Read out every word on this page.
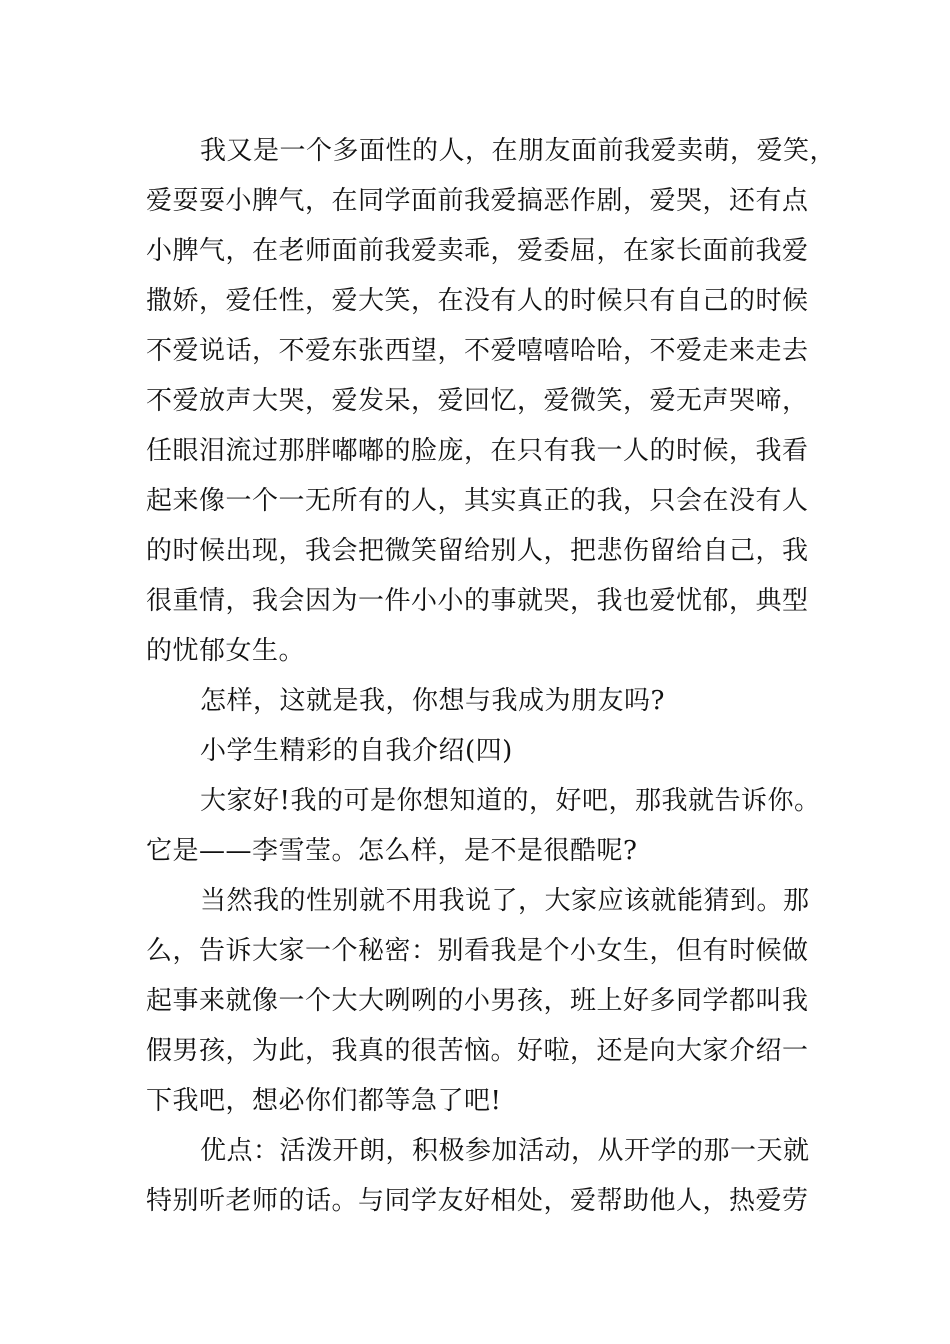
我又是一个多面性的人，在朋友面前我爱卖萌，爱笑，
爱耍耍小脾气，在同学面前我爱搞恶作剧，爱哭，还有点
小脾气，在老师面前我爱卖乖，爱委屈，在家长面前我爱
撒娇，爱任性，爱大笑，在没有人的时候只有自己的时候
不爱说话，不爱东张西望，不爱嘻嘻哈哈，不爱走来走去
不爱放声大哭，爱发呆，爱回忆，爱微笑，爱无声哭啼，
任眼泪流过那胖嘟嘟的脸庞，在只有我一人的时候，我看
起来像一个一无所有的人，其实真正的我，只会在没有人
的时候出现，我会把微笑留给别人，把悲伤留给自己，我
很重情，我会因为一件小小的事就哭，我也爱忧郁，典型
的忧郁女生。
怎样，这就是我，你想与我成为朋友吗?
小学生精彩的自我介绍(四)
大家好!我的可是你想知道的，好吧，那我就告诉你。
它是——李雪莹。怎么样，是不是很酷呢?
当然我的性别就不用我说了，大家应该就能猜到。那
么，告诉大家一个秘密：别看我是个小女生，但有时候做
起事来就像一个大大咧咧的小男孩，班上好多同学都叫我
假男孩，为此，我真的很苦恼。好啦，还是向大家介绍一
下我吧，想必你们都等急了吧!
优点：活泼开朗，积极参加活动，从开学的那一天就
特别听老师的话。与同学友好相处，爱帮助他人，热爱劳
